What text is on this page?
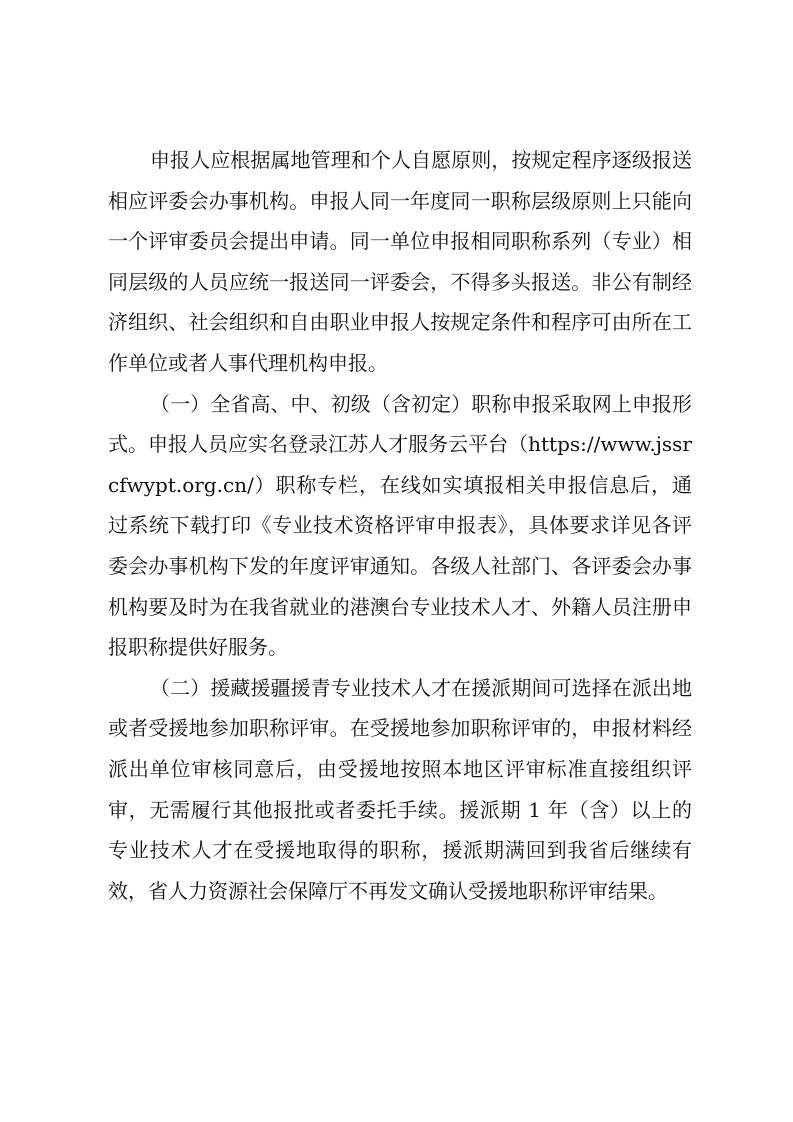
申报人应根据属地管理和个人自愿原则，按规定程序逐级报送相应评委会办事机构。申报人同一年度同一职称层级原则上只能向一个评审委员会提出申请。同一单位申报相同职称系列（专业）相同层级的人员应统一报送同一评委会，不得多头报送。非公有制经济组织、社会组织和自由职业申报人按规定条件和程序可由所在工作单位或者人事代理机构申报。

（一）全省高、中、初级（含初定）职称申报采取网上申报形式。申报人员应实名登录江苏人才服务云平台（https://www.jssrcfwypt.org.cn/）职称专栏，在线如实填报相关申报信息后，通过系统下载打印《专业技术资格评审申报表》，具体要求详见各评委会办事机构下发的年度评审通知。各级人社部门、各评委会办事机构要及时为在我省就业的港澳台专业技术人才、外籍人员注册申报职称提供好服务。

（二）援藏援疆援青专业技术人才在援派期间可选择在派出地或者受援地参加职称评审。在受援地参加职称评审的，申报材料经派出单位审核同意后，由受援地按照本地区评审标准直接组织评审，无需履行其他报批或者委托手续。援派期 1 年（含）以上的专业技术人才在受援地取得的职称，援派期满回到我省后继续有效，省人力资源社会保障厅不再发文确认受援地职称评审结果。
